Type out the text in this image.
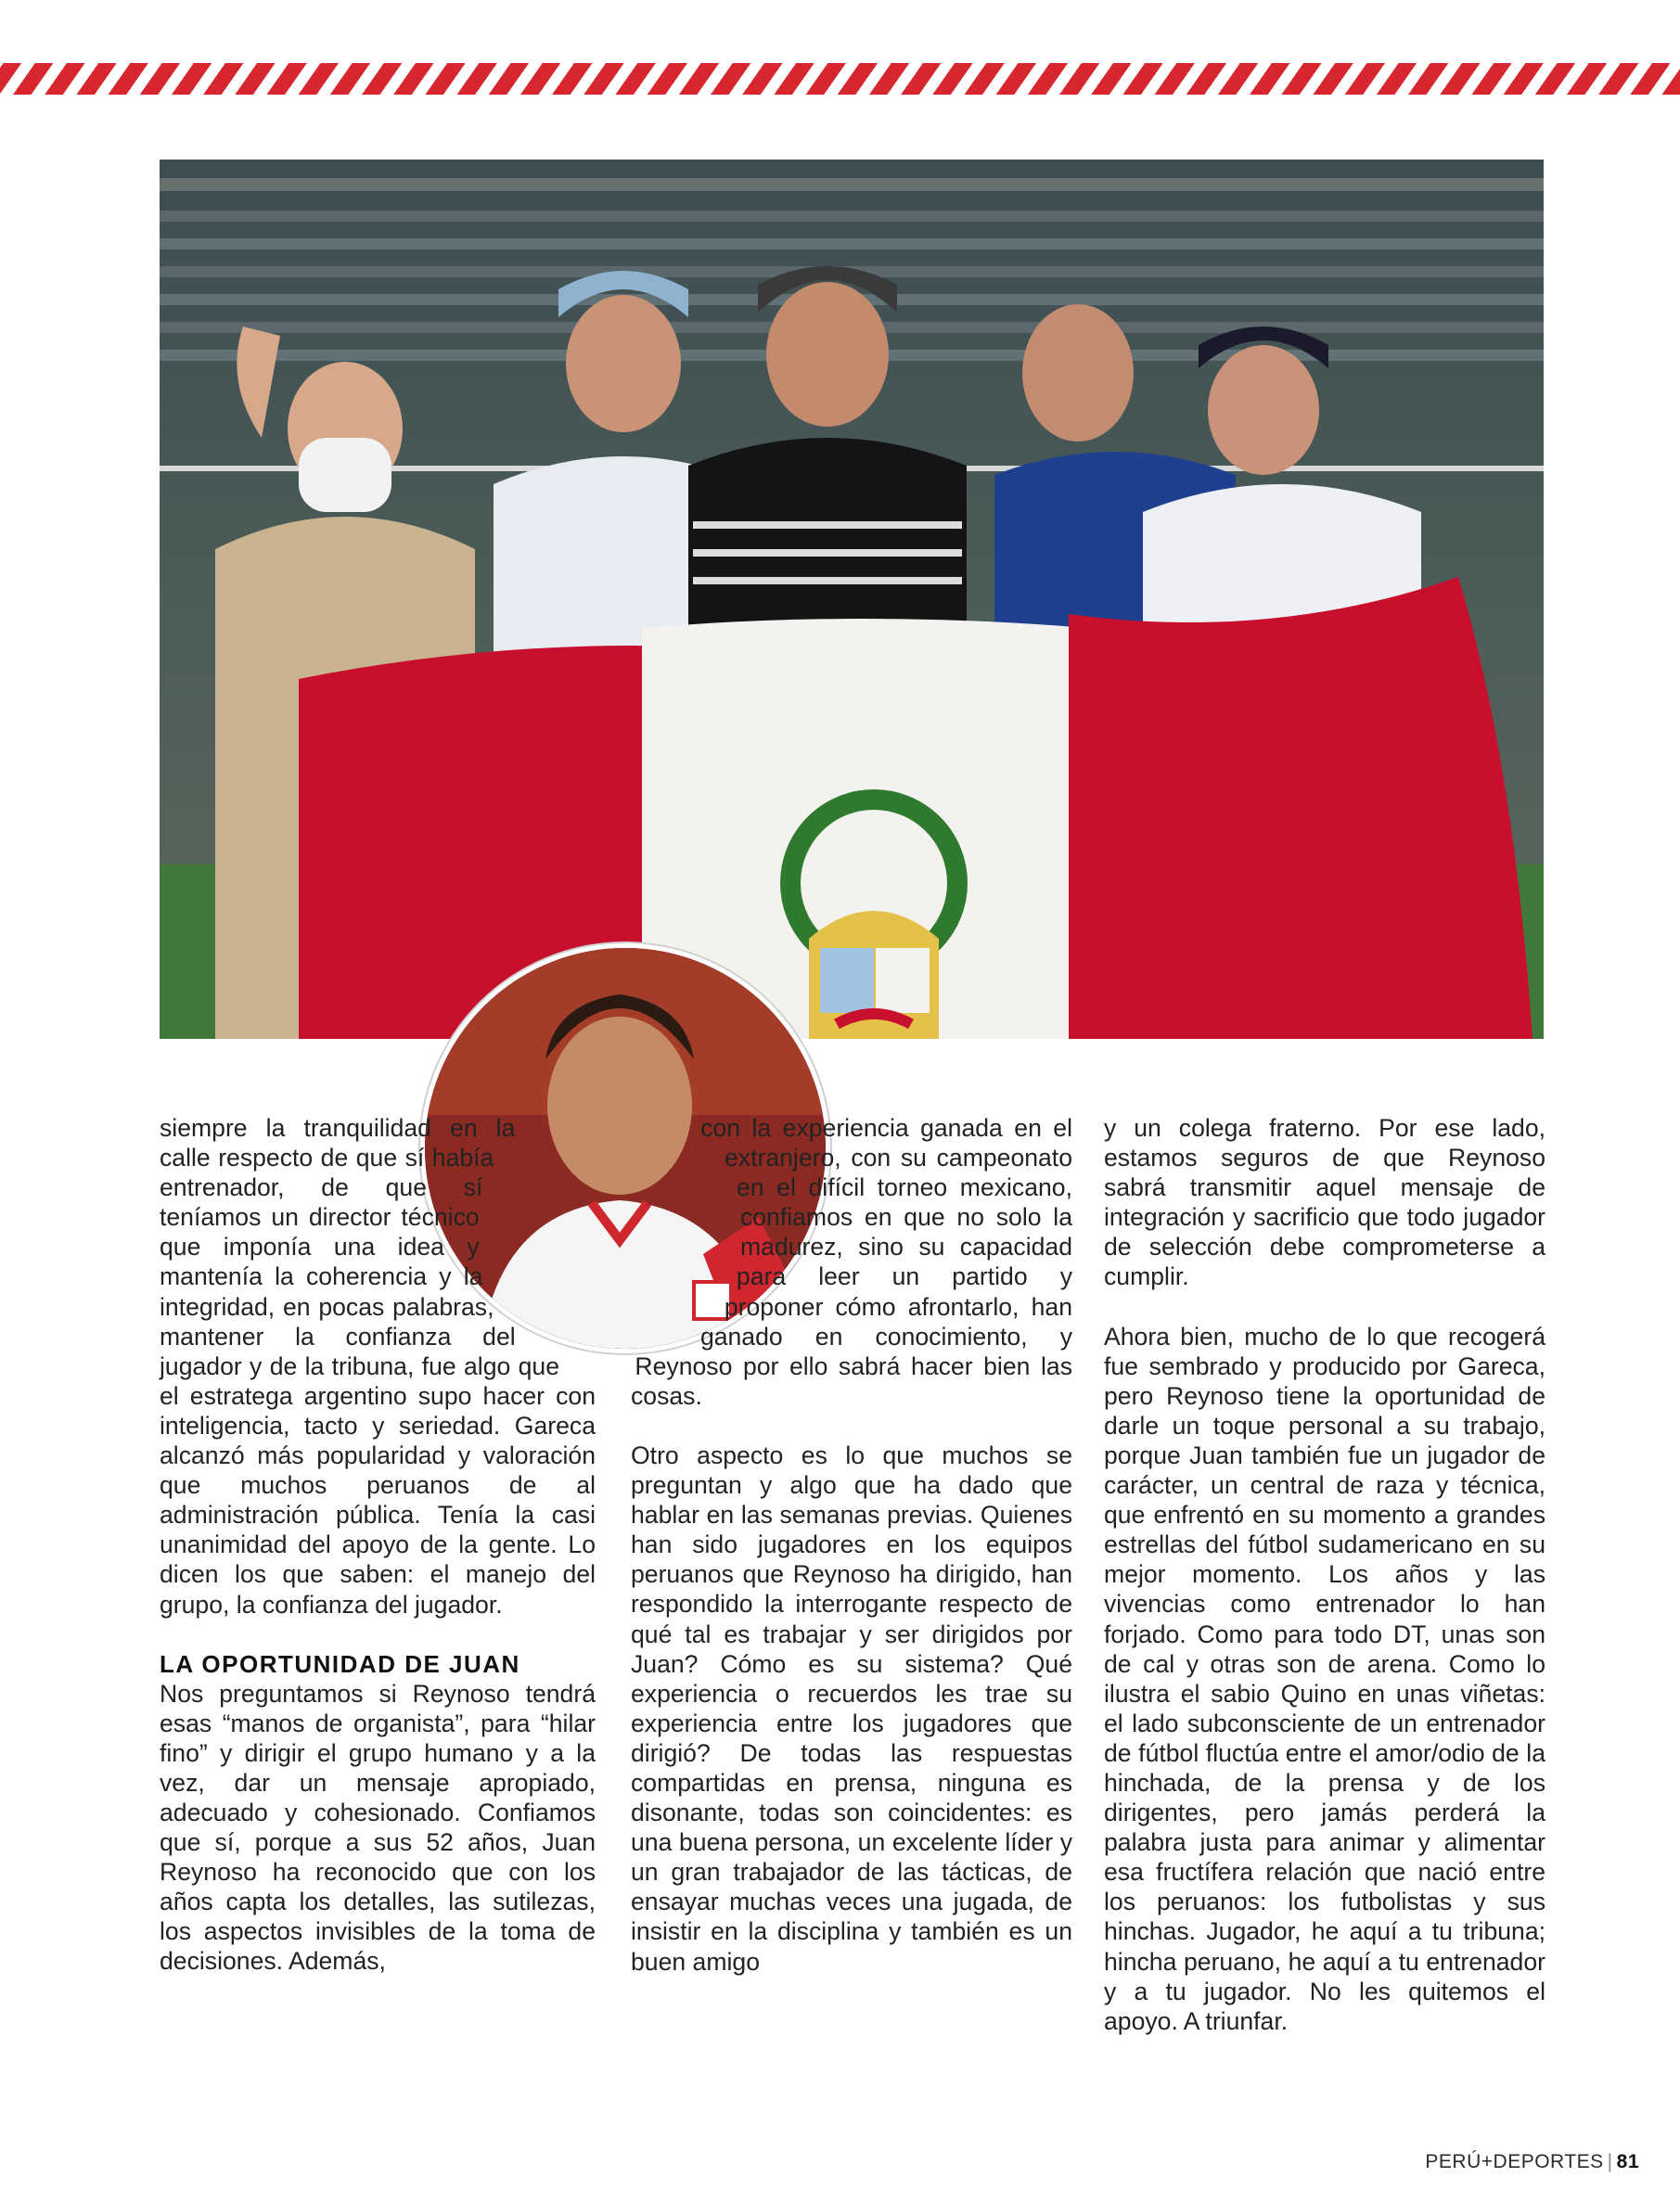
siempre la tranquilidad en la calle respecto de que sí había entrenador, de que sí teníamos un director técnico que imponía una idea y mantenía la coherencia y la integridad, en pocas palabras, mantener la confianza del jugador y de la tribuna, fue algo que el estratega argentino supo hacer con inteligencia, tacto y seriedad. Gareca alcanzó más popularidad y valoración que muchos peruanos de al administración pública. Tenía la casi unanimidad del apoyo de la gente. Lo dicen los que saben: el manejo del grupo, la confianza del jugador.

LA OPORTUNIDAD DE JUAN

Nos preguntamos si Reynoso tendrá esas “manos de organista”, para “hilar fino” y dirigir el grupo humano y a la vez, dar un mensaje apropiado, adecuado y cohesionado. Confiamos que sí, porque a sus 52 años, Juan Reynoso ha reconocido que con los años capta los detalles, las sutilezas, los aspectos invisibles de la toma de decisiones. Además,

con la experiencia ganada en el extranjero, con su campeonato en el difícil torneo mexicano, confiamos en que no solo la madurez, sino su capacidad para leer un partido y proponer cómo afrontarlo, han ganado en conocimiento, y Reynoso por ello sabrá hacer bien las cosas.

Otro aspecto es lo que muchos se preguntan y algo que ha dado que hablar en las semanas previas. Quienes han sido jugadores en los equipos peruanos que Reynoso ha dirigido, han respondido la interrogante respecto de qué tal es trabajar y ser dirigidos por Juan? Cómo es su sistema? Qué experiencia o recuerdos les trae su experiencia entre los jugadores que dirigió? De todas las respuestas compartidas en prensa, ninguna es disonante, todas son coincidentes: es una buena persona, un excelente líder y un gran trabajador de las tácticas, de ensayar muchas veces una jugada, de insistir en la disciplina y también es un buen amigo

y un colega fraterno. Por ese lado, estamos seguros de que Reynoso sabrá transmitir aquel mensaje de integración y sacrificio que todo jugador de selección debe comprometerse a cumplir.

Ahora bien, mucho de lo que recogerá fue sembrado y producido por Gareca, pero Reynoso tiene la oportunidad de darle un toque personal a su trabajo, porque Juan también fue un jugador de carácter, un central de raza y técnica, que enfrentó en su momento a grandes estrellas del fútbol sudamericano en su mejor momento. Los años y las vivencias como entrenador lo han forjado. Como para todo DT, unas son de cal y otras son de arena. Como lo ilustra el sabio Quino en unas viñetas: el lado subconsciente de un entrenador de fútbol fluctúa entre el amor/odio de la hinchada, de la prensa y de los dirigentes, pero jamás perderá la palabra justa para animar y alimentar esa fructífera relación que nació entre los peruanos: los futbolistas y sus hinchas. Jugador, he aquí a tu tribuna; hincha peruano, he aquí a tu entrenador y a tu jugador. No les quitemos el apoyo. A triunfar.

PERÚ+DEPORTES | 81
